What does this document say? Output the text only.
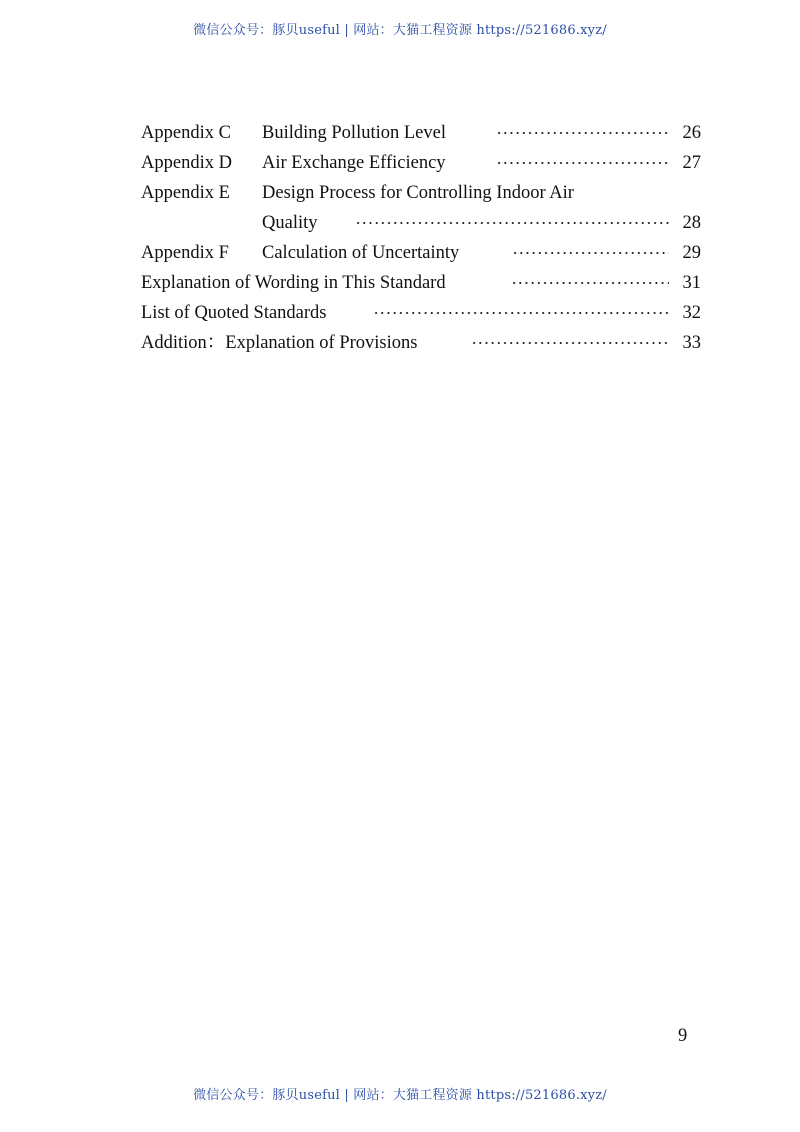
微信公众号：豚贝useful | 网站：大猫工程资源 https://521686.xyz/
Appendix C Building Pollution Level	26
Appendix D Air Exchange Efficiency	27
Appendix E Design Process for Controlling Indoor Air
Quality	28
Appendix F Calculation of Uncertainty	29
Explanation of Wording in This Standard	31
List of Quoted Standards	32
Addition：Explanation of Provisions	33
9
微信公众号：豚贝useful | 网站：大猫工程资源 https://521686.xyz/
